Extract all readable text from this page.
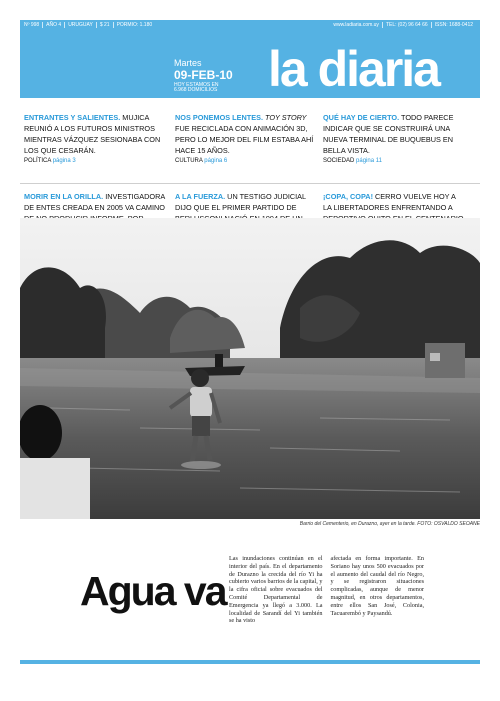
Nº 998	AÑO 4	URUGUAY	$ 21	PORMIO: 1.180	www.ladiaria.com.uy	TEL: (02) 96 64 66	ISSN: 1688-0412
Martes
09-FEB-10
HOY ESTAMOS EN
6.968 DOMICILIOS	la diaria
ENTRANTES Y SALIENTES. MUJICA REUNIÓ A LOS FUTUROS MINISTROS MIENTRAS VÁZQUEZ SESIONABA CON LOS QUE CESARÁN.
POLÍTICA página 3
NOS PONEMOS LENTES. TOY STORY FUE RECICLADA CON ANIMACIÓN 3D, PERO LO MEJOR DEL FILM ESTABA AHÍ HACE 15 AÑOS.
CULTURA página 6
QUÉ HAY DE CIERTO. TODO PARECE INDICAR QUE SE CONSTRUIRÁ UNA NUEVA TERMINAL DE BUQUEBUS EN BELLA VISTA.
SOCIEDAD página 11
MORIR EN LA ORILLA. INVESTIGADORA DE ENTES CREADA EN 2005 VA CAMINO
A LA FUERZA. UN TESTIGO JUDICIAL DIJO QUE EL PRIMER PARTIDO DE
¡COPA, COPA! CERRO VUELVE HOY A LA LIBERTADORES ENFRENTANDO A
Barrio del Cementerio, en Durazno, ayer en la tarde. FOTO: OSVALDO SEOANE
Agua va

Las inundaciones continúan en el interior del país. En el departamento de Durazno la crecida del río Yi ha cubierto varios barrios de la capital, y la cifra oficial sobre evacuados del Comité Departamental de Emergencia ya llegó a 3.000. La localidad de Sarandí del Yi también se ha visto

afectada en forma importante. En Soriano hay unos 500 evacuados por el aumento del caudal del río Negro, y se registraron situaciones complicadas, aunque de menor magnitud, en otros departamentos, entre ellos San José, Colonia, Tacuarembó y Paysandú.
